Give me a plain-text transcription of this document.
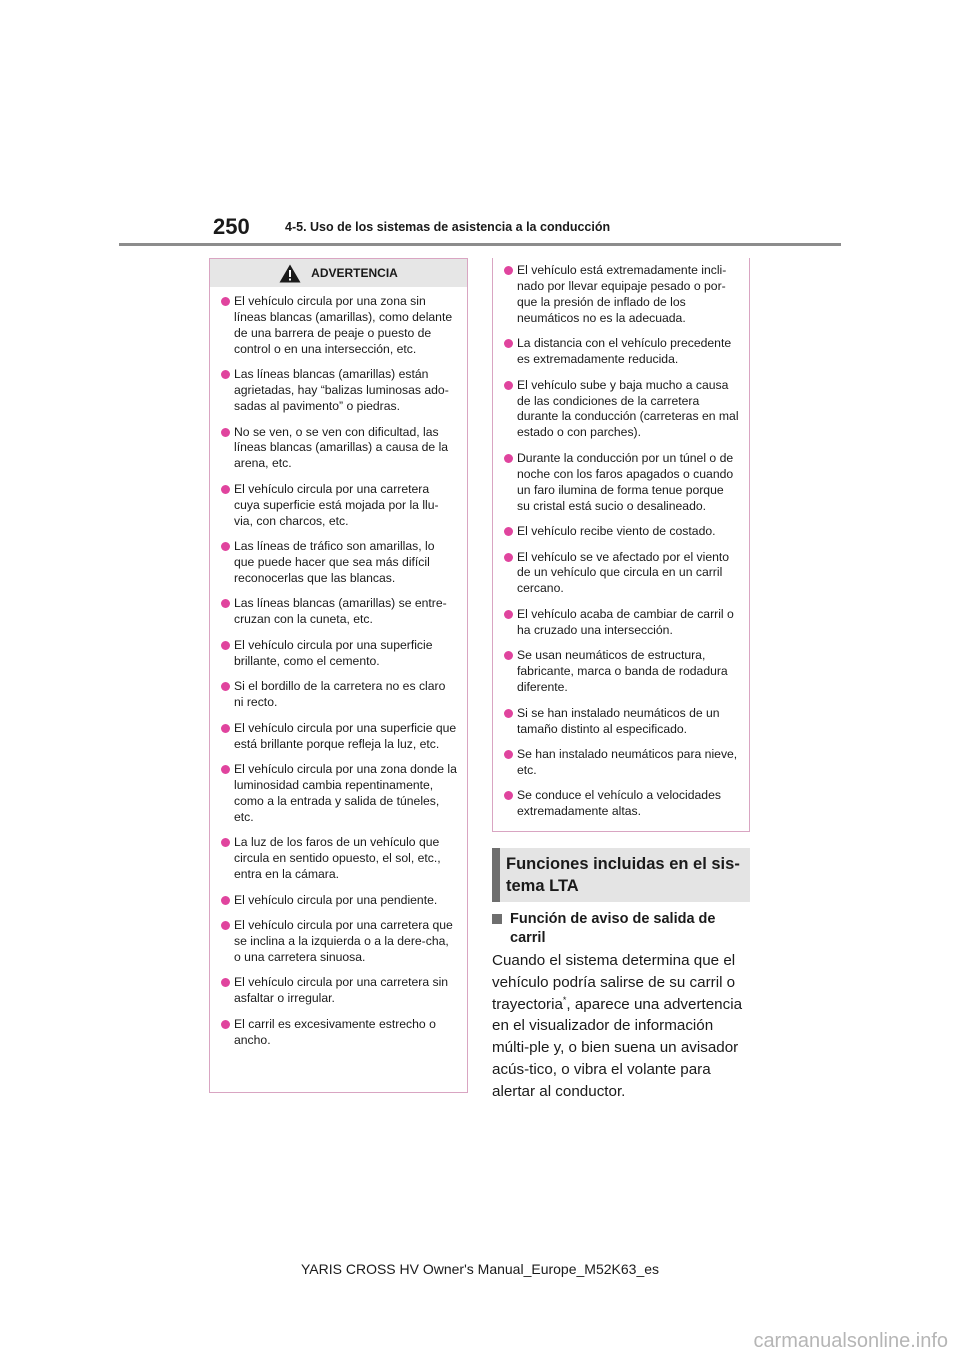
250	4-5. Uso de los sistemas de asistencia a la conducción
ADVERTENCIA
El vehículo circula por una zona sin líneas blancas (amarillas), como delante de una barrera de peaje o puesto de control o en una intersección, etc.
Las líneas blancas (amarillas) están agrietadas, hay “balizas luminosas ado-sadas al pavimento” o piedras.
No se ven, o se ven con dificultad, las líneas blancas (amarillas) a causa de la arena, etc.
El vehículo circula por una carretera cuya superficie está mojada por la llu-via, con charcos, etc.
Las líneas de tráfico son amarillas, lo que puede hacer que sea más difícil reconocerlas que las blancas.
Las líneas blancas (amarillas) se entre-cruzan con la cuneta, etc.
El vehículo circula por una superficie brillante, como el cemento.
Si el bordillo de la carretera no es claro ni recto.
El vehículo circula por una superficie que está brillante porque refleja la luz, etc.
El vehículo circula por una zona donde la luminosidad cambia repentinamente, como a la entrada y salida de túneles, etc.
La luz de los faros de un vehículo que circula en sentido opuesto, el sol, etc., entra en la cámara.
El vehículo circula por una pendiente.
El vehículo circula por una carretera que se inclina a la izquierda o a la dere-cha, o una carretera sinuosa.
El vehículo circula por una carretera sin asfaltar o irregular.
El carril es excesivamente estrecho o ancho.
El vehículo está extremadamente incli-nado por llevar equipaje pesado o por-que la presión de inflado de los neumáticos no es la adecuada.
La distancia con el vehículo precedente es extremadamente reducida.
El vehículo sube y baja mucho a causa de las condiciones de la carretera durante la conducción (carreteras en mal estado o con parches).
Durante la conducción por un túnel o de noche con los faros apagados o cuando un faro ilumina de forma tenue porque su cristal está sucio o desalineado.
El vehículo recibe viento de costado.
El vehículo se ve afectado por el viento de un vehículo que circula en un carril cercano.
El vehículo acaba de cambiar de carril o ha cruzado una intersección.
Se usan neumáticos de estructura, fabricante, marca o banda de rodadura diferente.
Si se han instalado neumáticos de un tamaño distinto al especificado.
Se han instalado neumáticos para nieve, etc.
Se conduce el vehículo a velocidades extremadamente altas.
Funciones incluidas en el sis-tema LTA
Función de aviso de salida de carril
Cuando el sistema determina que el vehículo podría salirse de su carril o trayectoria*, aparece una advertencia en el visualizador de información múlti-ple y, o bien suena un avisador acús-tico, o vibra el volante para alertar al conductor.
YARIS CROSS HV Owner's Manual_Europe_M52K63_es
carmanualsonline.info
